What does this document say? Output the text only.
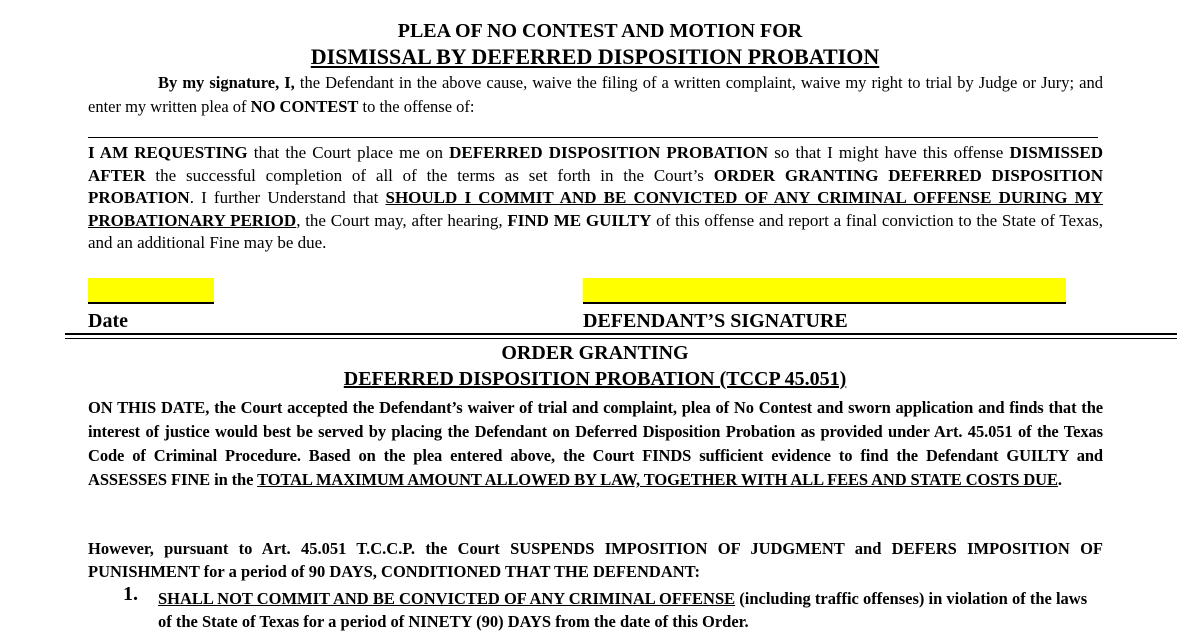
PLEA OF NO CONTEST AND MOTION FOR
DISMISSAL BY DEFERRED DISPOSITION PROBATION
By my signature, I, the Defendant in the above cause, waive the filing of a written complaint, waive my right to trial by Judge or Jury; and enter my written plea of NO CONTEST to the offense of:
I AM REQUESTING that the Court place me on DEFERRED DISPOSITION PROBATION so that I might have this offense DISMISSED AFTER the successful completion of all of the terms as set forth in the Court’s ORDER GRANTING DEFERRED DISPOSITION PROBATION. I further Understand that SHOULD I COMMIT AND BE CONVICTED OF ANY CRIMINAL OFFENSE DURING MY PROBATIONARY PERIOD, the Court may, after hearing, FIND ME GUILTY of this offense and report a final conviction to the State of Texas, and an additional Fine may be due.
Date	DEFENDANT’S SIGNATURE
ORDER GRANTING
DEFERRED DISPOSITION PROBATION (TCCP 45.051)
ON THIS DATE, the Court accepted the Defendant’s waiver of trial and complaint, plea of No Contest and sworn application and finds that the interest of justice would best be served by placing the Defendant on Deferred Disposition Probation as provided under Art. 45.051 of the Texas Code of Criminal Procedure. Based on the plea entered above, the Court FINDS sufficient evidence to find the Defendant GUILTY and ASSESSES FINE in the TOTAL MAXIMUM AMOUNT ALLOWED BY LAW, TOGETHER WITH ALL FEES AND STATE COSTS DUE.
However, pursuant to Art. 45.051 T.C.C.P. the Court SUSPENDS IMPOSITION OF JUDGMENT and DEFERS IMPOSITION OF PUNISHMENT for a period of 90 DAYS, CONDITIONED THAT THE DEFENDANT:
1. SHALL NOT COMMIT AND BE CONVICTED OF ANY CRIMINAL OFFENSE (including traffic offenses) in violation of the laws of the State of Texas for a period of NINETY (90) DAYS from the date of this Order.
